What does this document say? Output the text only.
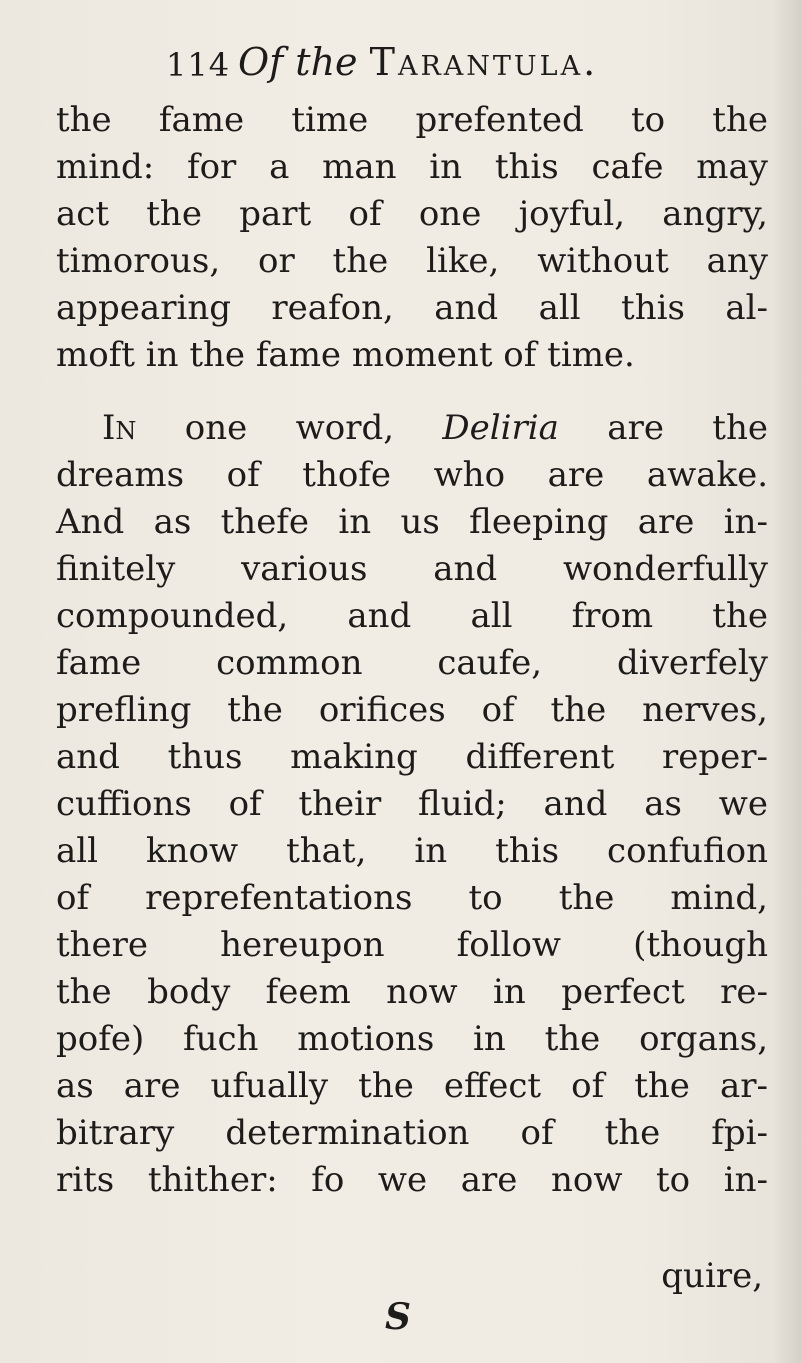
114 Of the Tarantula.
the fame time prefented to the
mind: for a man in this cafe may
act the part of one joyful, angry,
timorous, or the like, without any
appearing reafon, and all this al-
moft in the fame moment of time.
In one word, Deliria are the
dreams of thofe who are awake.
And as thefe in us fleeping are in-
finitely various and wonderfully
compounded, and all from the
fame common caufe, diverfely
prefling the orifices of the nerves,
and thus making different reper-
cuffions of their fluid; and as we
all know that, in this confufion
of reprefentations to the mind,
there hereupon follow (though
the body feem now in perfect re-
pofe) fuch motions in the organs,
as are ufually the effect of the ar-
bitrary determination of the fpi-
rits thither: fo we are now to in-
quire,
S
